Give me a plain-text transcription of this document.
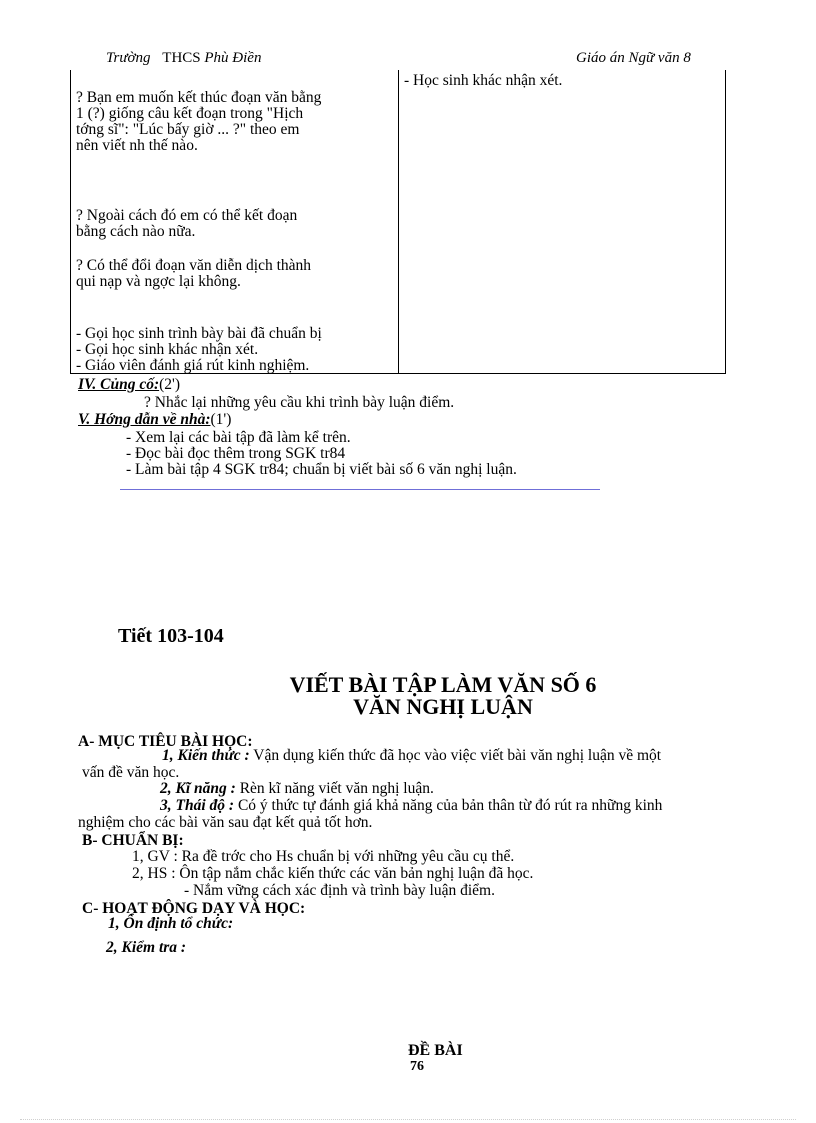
Trường THCS Phù Điền	Giáo án Ngữ văn 8
? Bạn em muốn kết thúc đoạn văn bằng
1 (?) giống câu kết đoạn trong "Hịch
tớng sĩ": "Lúc bấy giờ ... ?" theo em
nên viết nh thế nào.
? Ngoài cách đó em có thể kết đoạn
bằng cách nào nữa.
? Có thể đổi đoạn văn diễn dịch thành
qui nạp và ngợc lại không.
- Gọi học sinh trình bày bài đã chuẩn bị
- Gọi học sinh khác nhận xét.
- Giáo viên đánh giá rút kinh nghiệm.
- Học sinh khác nhận xét.
IV. Củng cố:(2')
? Nhắc lại những yêu cầu khi trình bày luận điểm.
V. Hớng dẫn về nhà:(1')
- Xem lại các bài tập đã làm kể trên.
- Đọc bài đọc thêm trong SGK tr84
- Làm bài tập 4 SGK tr84; chuẩn bị viết bài số 6 văn nghị luận.
Tiết 103-104
VIẾT BÀI TẬP LÀM VĂN SỐ 6
VĂN NGHỊ LUẬN
A- MỤC TIÊU BÀI HỌC:
1, Kiến thức : Vận dụng kiến thức đã học vào việc viết bài văn nghị luận về một
vấn đề văn học.
2, Kĩ năng : Rèn kĩ năng viết văn nghị luận.
3, Thái độ : Có ý thức tự đánh giá khả năng của bản thân từ đó rút ra những kinh
nghiệm cho các bài văn sau đạt kết quả tốt hơn.
B- CHUẨN BỊ:
1, GV : Ra đề trớc cho Hs chuẩn bị với những yêu cầu cụ thể.
2, HS : Ôn tập nắm chắc kiến thức các văn bản nghị luận đã học.
- Nắm vững cách xác định và trình bày luận điểm.
C- HOẠT ĐỘNG DẠY VÀ HỌC:
1, Ổn định tổ chức:
2, Kiểm tra :
ĐỀ BÀI
76
